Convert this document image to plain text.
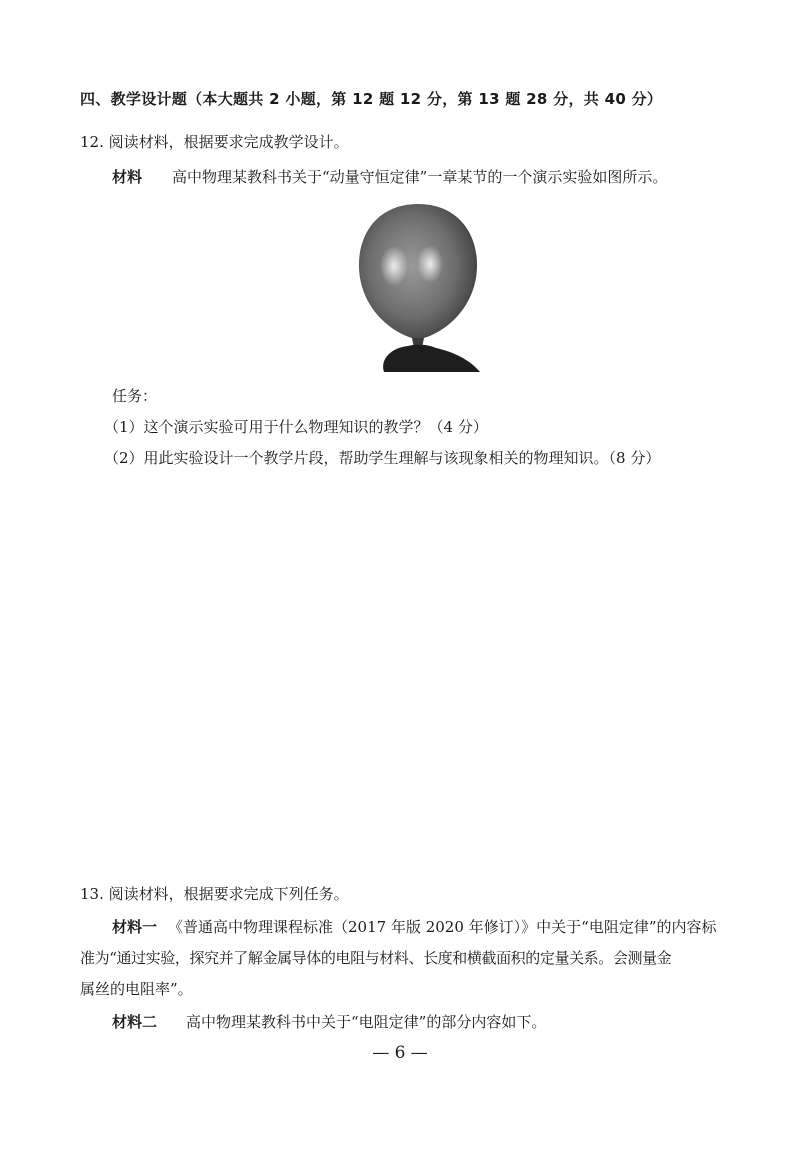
四、教学设计题（本大题共 2 小题，第 12 题 12 分，第 13 题 28 分，共 40 分）
12. 阅读材料，根据要求完成教学设计。
材料 高中物理某教科书关于“动量守恒定律”一章某节的一个演示实验如图所示。
任务：
（1）这个演示实验可用于什么物理知识的教学？（4 分）
（2）用此实验设计一个教学片段，帮助学生理解与该现象相关的物理知识。（8 分）
13. 阅读材料，根据要求完成下列任务。
材料一 《普通高中物理课程标准（2017 年版 2020 年修订）》中关于“电阻定律”的内容标
准为“通过实验，探究并了解金属导体的电阻与材料、长度和横截面积的定量关系。会测量金
属丝的电阻率”。
材料二 高中物理某教科书中关于“电阻定律”的部分内容如下。
— 6 —
